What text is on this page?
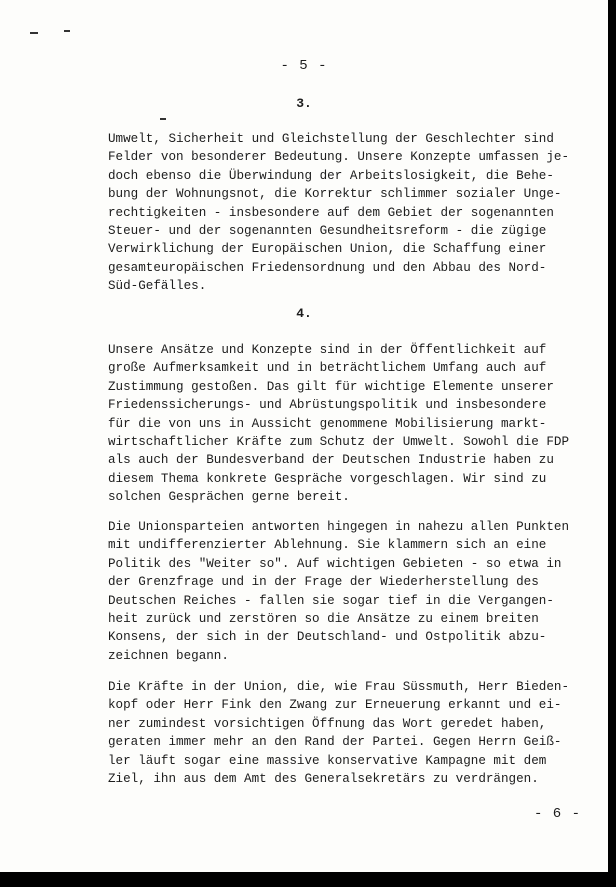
- 5 -
3.

Umwelt, Sicherheit und Gleichstellung der Geschlechter sind
Felder von besonderer Bedeutung. Unsere Konzepte umfassen je-
doch ebenso die Überwindung der Arbeitslosigkeit, die Behe-
bung der Wohnungsnot, die Korrektur schlimmer sozialer Unge-
rechtigkeiten - insbesondere auf dem Gebiet der sogenannten
Steuer- und der sogenannten Gesundheitsreform - die zügige
Verwirklichung der Europäischen Union, die Schaffung einer
gesamteuropäischen Friedensordnung und den Abbau des Nord-
Süd-Gefälles.

4.

Unsere Ansätze und Konzepte sind in der Öffentlichkeit auf
große Aufmerksamkeit und in beträchtlichem Umfang auch auf
Zustimmung gestoßen. Das gilt für wichtige Elemente unserer
Friedenssicherungs- und Abrüstungspolitik und insbesondere
für die von uns in Aussicht genommene Mobilisierung markt-
wirtschaftlicher Kräfte zum Schutz der Umwelt. Sowohl die FDP
als auch der Bundesverband der Deutschen Industrie haben zu
diesem Thema konkrete Gespräche vorgeschlagen. Wir sind zu
solchen Gesprächen gerne bereit.

Die Unionsparteien antworten hingegen in nahezu allen Punkten
mit undifferenzierter Ablehnung. Sie klammern sich an eine
Politik des "Weiter so". Auf wichtigen Gebieten - so etwa in
der Grenzfrage und in der Frage der Wiederherstellung des
Deutschen Reiches - fallen sie sogar tief in die Vergangen-
heit zurück und zerstören so die Ansätze zu einem breiten
Konsens, der sich in der Deutschland- und Ostpolitik abzu-
zeichnen begann.

Die Kräfte in der Union, die, wie Frau Süssmuth, Herr Bieden-
kopf oder Herr Fink den Zwang zur Erneuerung erkannt und ei-
ner zumindest vorsichtigen Öffnung das Wort geredet haben,
geraten immer mehr an den Rand der Partei. Gegen Herrn Geiß-
ler läuft sogar eine massive konservative Kampagne mit dem
Ziel, ihn aus dem Amt des Generalsekretärs zu verdrängen.

- 6 -
